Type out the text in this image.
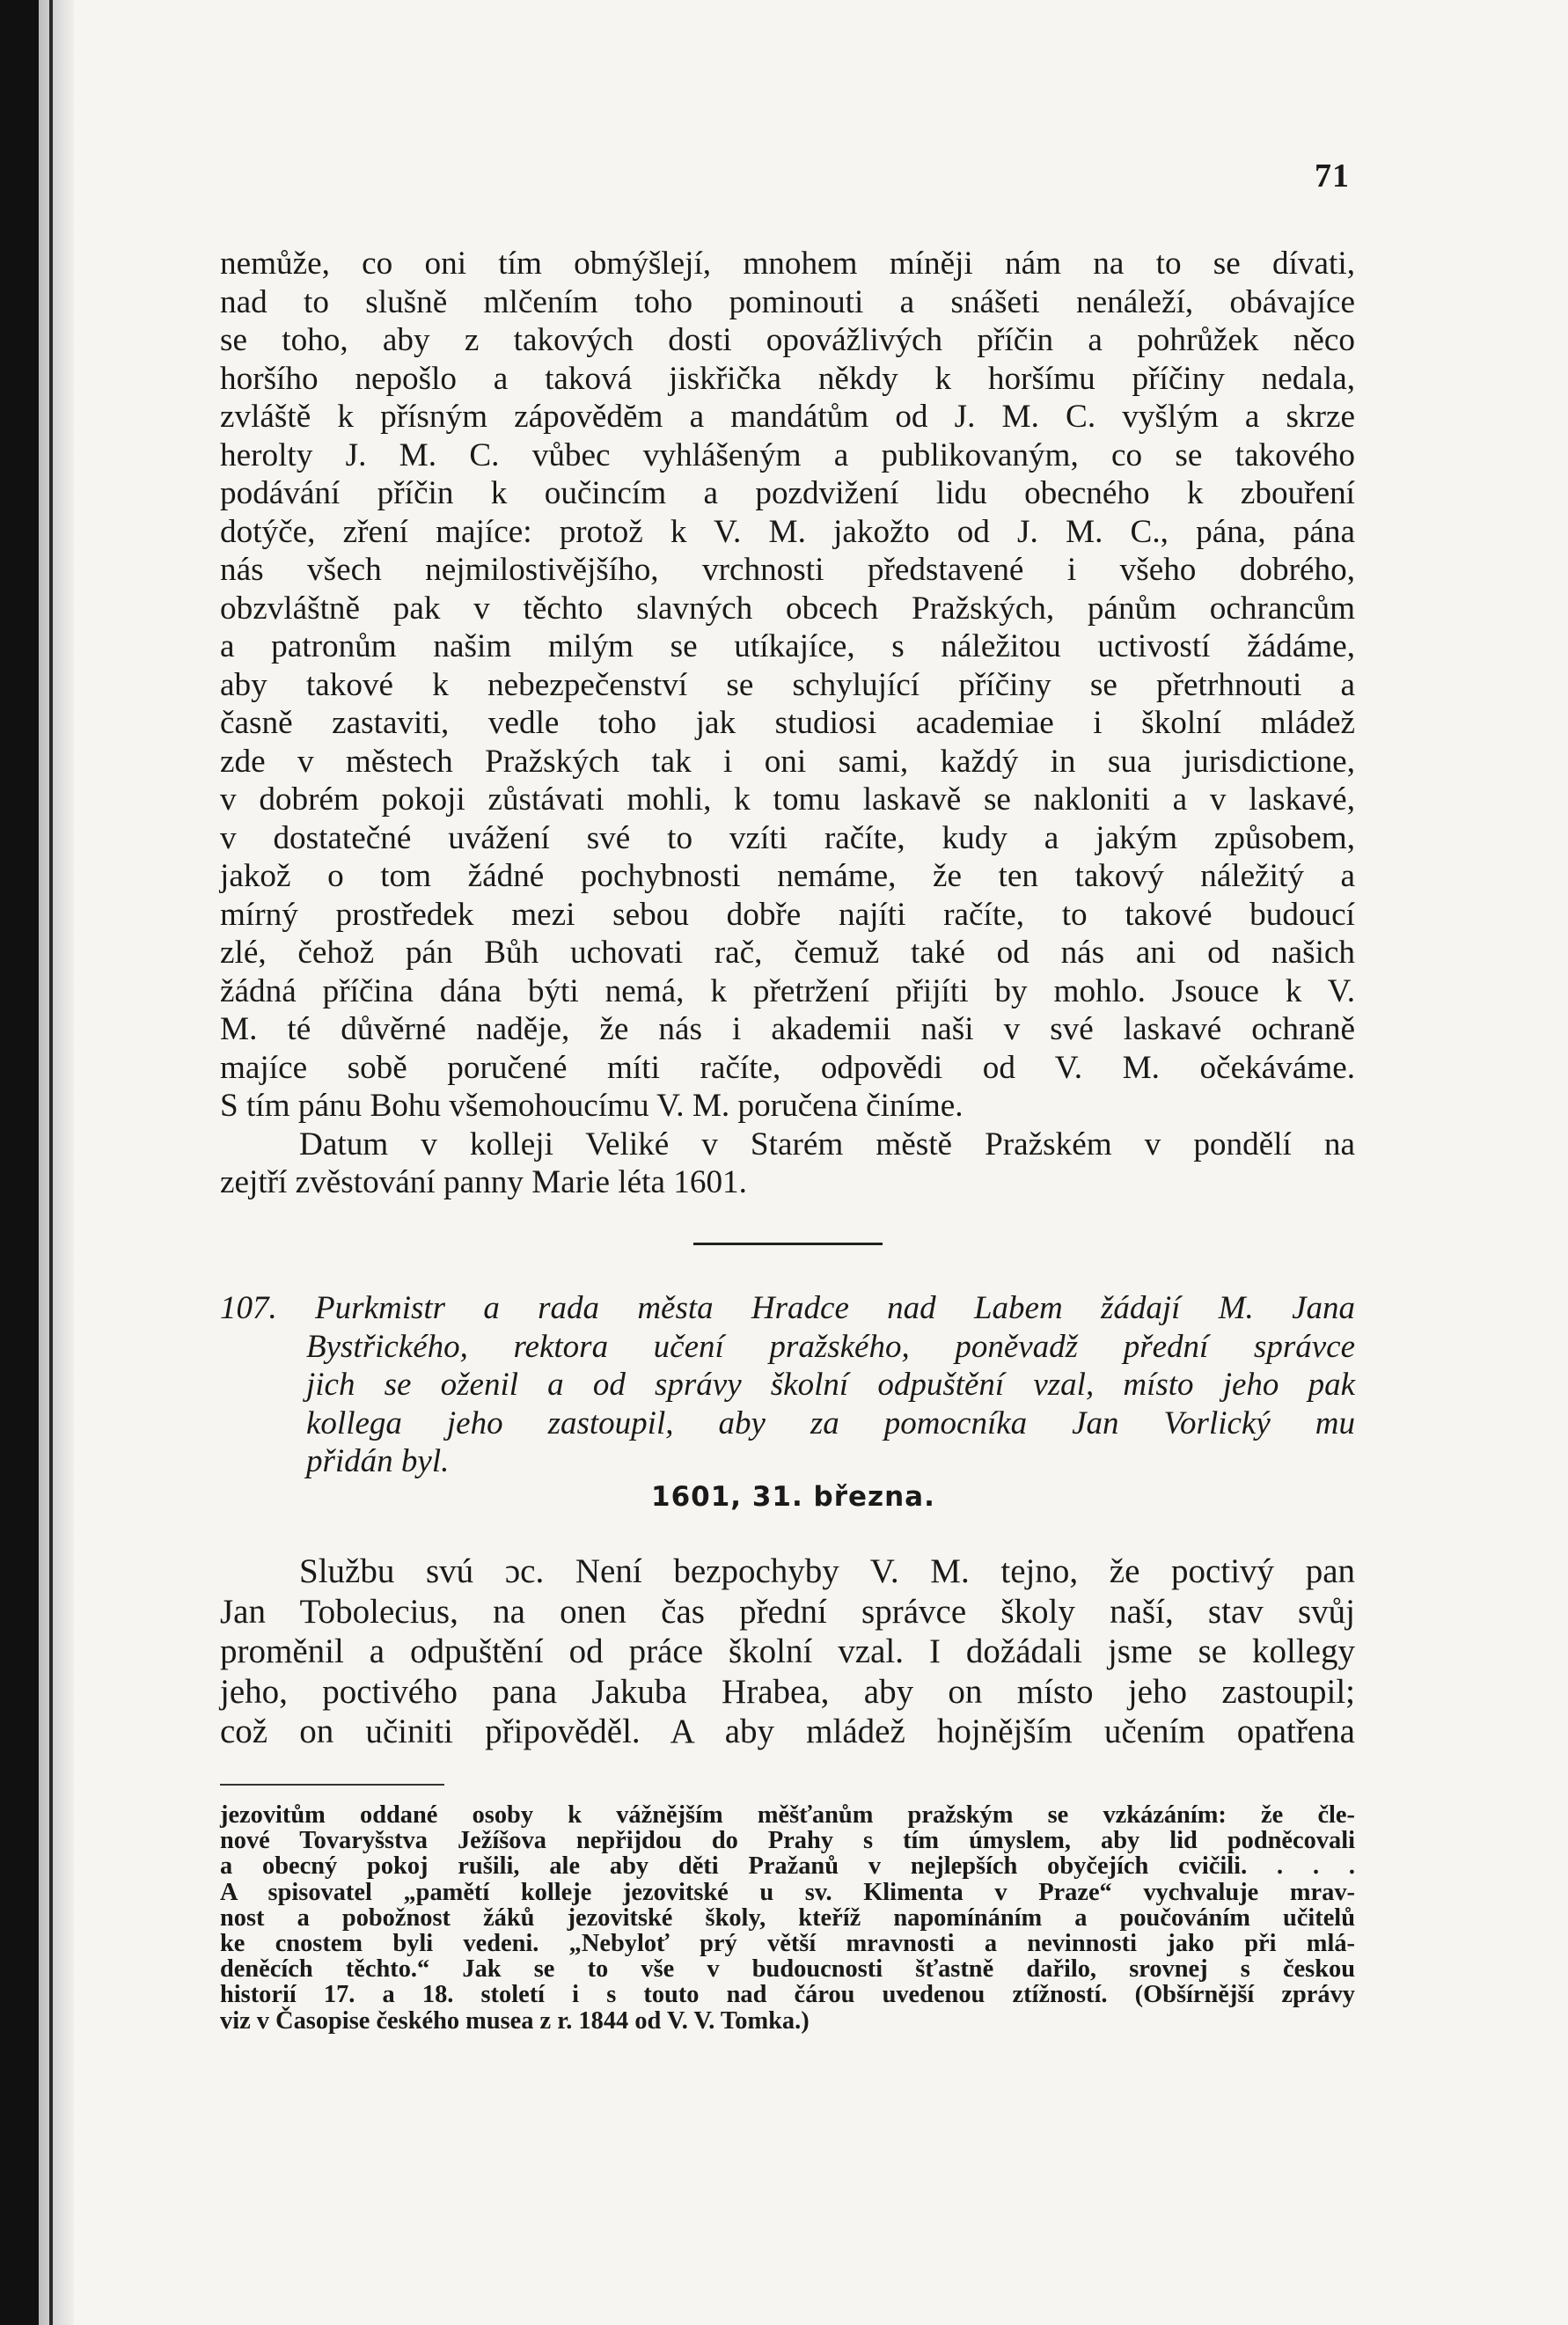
71
nemůže, co oni tím obmýšlejí, mnohem míněji nám na to se dívati,
nad to slušně mlčením toho pominouti a snášeti nenáleží, obávajíce
se toho, aby z takových dosti opovážlivých příčin a pohrůžek něco
horšího nepošlo a taková jiskřička někdy k horšímu příčiny nedala,
zvláště k přísným zápovědĕm a mandátům od J. M. C. vyšlým a skrze
herolty J. M. C. vůbec vyhlášeným a publikovaným, co se takového
podávání příčin k oučincím a pozdvižení lidu obecného k zbouření
dotýče, zření majíce: protož k V. M. jakožto od J. M. C., pána, pána
nás všech nejmilostivějšího, vrchnosti představené i všeho dobrého,
obzvláštně pak v těchto slavných obcech Pražských, pánům ochrancům
a patronům našim milým se utíkajíce, s náležitou uctivostí žádáme,
aby takové k nebezpečenství se schylující příčiny se přetrhnouti a
časně zastaviti, vedle toho jak studiosi academiae i školní mládež
zde v městech Pražských tak i oni sami, každý in sua jurisdictione,
v dobrém pokoji zůstávati mohli, k tomu laskavě se nakloniti a v laskavé,
v dostatečné uvážení své to vzíti račíte, kudy a jakým způsobem,
jakož o tom žádné pochybnosti nemáme, že ten takový náležitý a
mírný prostředek mezi sebou dobře najíti račíte, to takové budoucí
zlé, čehož pán Bůh uchovati rač, čemuž také od nás ani od našich
žádná příčina dána býti nemá, k přetržení přijíti by mohlo. Jsouce k V.
M. té důvěrné naděje, že nás i akademii naši v své laskavé ochraně
majíce sobě poručené míti račíte, odpovědi od V. M. očekáváme.
S tím pánu Bohu všemohoucímu V. M. poručena činíme.
Datum v kolleji Veliké v Starém městě Pražském v pondělí na
zejtří zvěstování panny Marie léta 1601.
107. Purkmistr a rada města Hradce nad Labem žádají M. Jana
Bystřického, rektora učení pražského, poněvadž přední správce
jich se oženil a od správy školní odpuštění vzal, místo jeho pak
kollega jeho zastoupil, aby za pomocníka Jan Vorlický mu
přidán byl.
1601, 31. března.
Službu svú ɔc. Není bezpochyby V. M. tejno, že poctivý pan
Jan Tobolecius, na onen čas přední správce školy naší, stav svůj
proměnil a odpuštění od práce školní vzal. I dožádali jsme se kollegy
jeho, poctivého pana Jakuba Hrabea, aby on místo jeho zastoupil;
což on učiniti připověděl. A aby mládež hojnějším učením opatřena
jezovitům oddané osoby k vážnějším měšťanům pražským se vzkázáním: že čle-
nové Tovaryšstva Ježíšova nepřijdou do Prahy s tím úmyslem, aby lid podněcovali
a obecný pokoj rušili, ale aby děti Pražanů v nejlepších obyčejích cvičili. . . .
A spisovatel „pamětí kolleje jezovitské u sv. Klimenta v Praze“ vychvaluje mrav-
nost a pobožnost žáků jezovitské školy, kteříž napomínáním a poučováním učitelů
ke cnostem byli vedeni. „Nebyloť prý větší mravnosti a nevinnosti jako při mlá-
deněcích těchto.“ Jak se to vše v budoucnosti šťastně dařilo, srovnej s českou
historií 17. a 18. století i s touto nad čárou uvedenou ztížností. (Obšírnější zprávy
viz v Časopise českého musea z r. 1844 od V. V. Tomka.)
